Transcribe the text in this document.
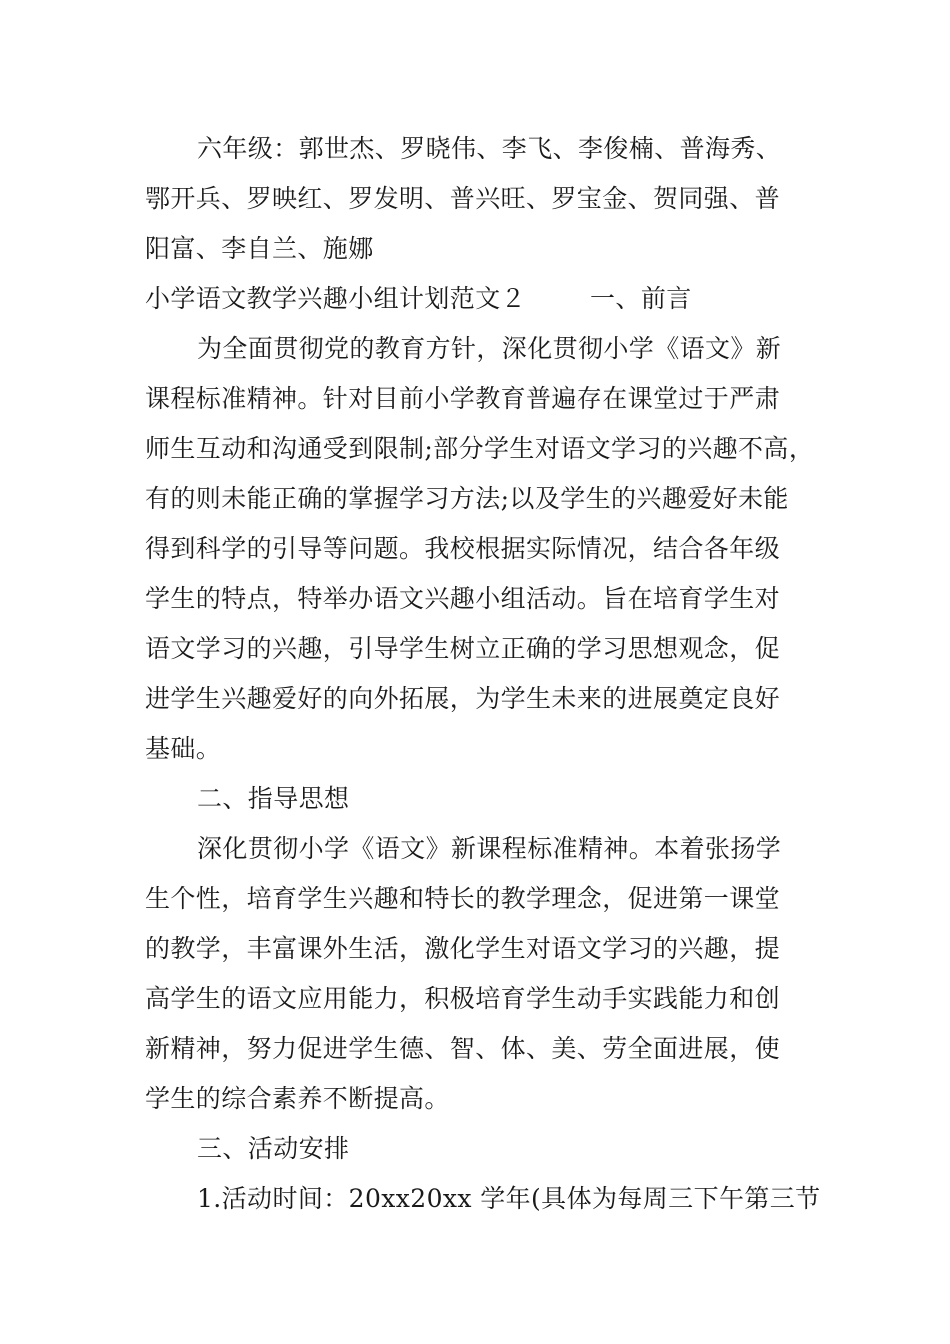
六年级：郭世杰、罗晓伟、李飞、李俊楠、普海秀、
鄂开兵、罗映红、罗发明、普兴旺、罗宝金、贺同强、普
阳富、李自兰、施娜
小学语文教学兴趣小组计划范文２	一、前言
为全面贯彻党的教育方针，深化贯彻小学《语文》新
课程标准精神。针对目前小学教育普遍存在课堂过于严肃
师生互动和沟通受到限制;部分学生对语文学习的兴趣不高，
有的则未能正确的掌握学习方法;以及学生的兴趣爱好未能
得到科学的引导等问题。我校根据实际情况，结合各年级
学生的特点，特举办语文兴趣小组活动。旨在培育学生对
语文学习的兴趣，引导学生树立正确的学习思想观念，促
进学生兴趣爱好的向外拓展，为学生未来的进展奠定良好
基础。
二、指导思想
深化贯彻小学《语文》新课程标准精神。本着张扬学
生个性，培育学生兴趣和特长的教学理念，促进第一课堂
的教学，丰富课外生活，激化学生对语文学习的兴趣，提
高学生的语文应用能力，积极培育学生动手实践能力和创
新精神，努力促进学生德、智、体、美、劳全面进展，使
学生的综合素养不断提高。
三、活动安排
1.活动时间：20xx20xx 学年(具体为每周三下午第三节
